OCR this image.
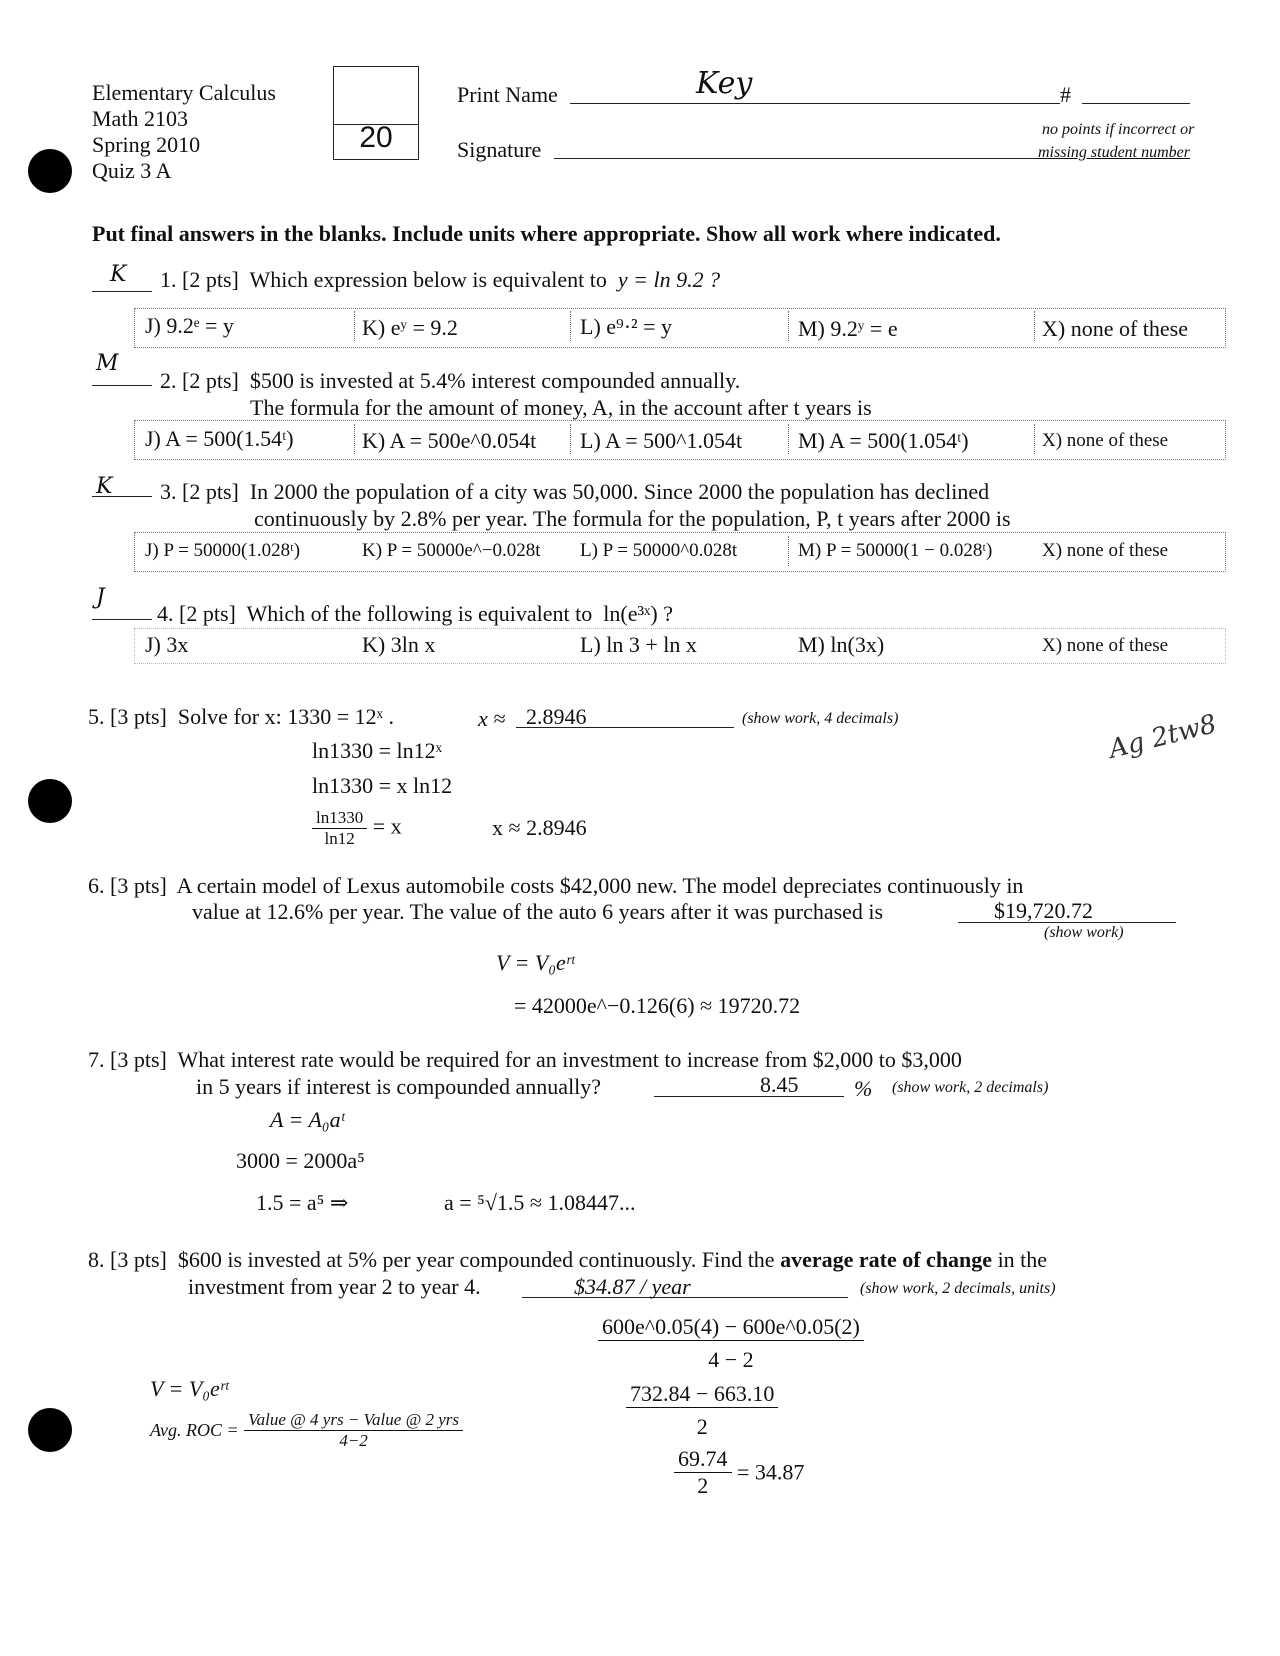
Elementary Calculus
Math 2103
Spring 2010
Quiz 3 A
20
Print Name	Key	#
Signature
no points if incorrect or
missing student number
Put final answers in the blanks. Include units where appropriate. Show all work where indicated.
K 1. [2 pts] Which expression below is equivalent to y = ln 9.2 ?
J) 9.2ᵉ = y	K) eʸ = 9.2	L) e⁹·² = y	M) 9.2ʸ = e	X) none of these
M
2. [2 pts] $500 is invested at 5.4% interest compounded annually.
The formula for the amount of money, A, in the account after t years is
J) A = 500(1.54ᵗ)	K) A = 500e^0.054t L) A = 500^1.054t	M) A = 500(1.054ᵗ)	X) none of these
K 3. [2 pts] In 2000 the population of a city was 50,000. Since 2000 the population has declined
continuously by 2.8% per year. The formula for the population, P, t years after 2000 is
J) P = 50000(1.028ᵗ)	K) P = 50000e^−0.028t L) P = 50000^0.028t	M) P = 50000(1 − 0.028ᵗ)	X) none of these
J
4. [2 pts] Which of the following is equivalent to ln(e³ˣ) ?
J) 3x	K) 3ln x	L) ln 3 + ln x	M) ln(3x)	X) none of these
5. [3 pts] Solve for x: 1330 = 12ˣ .	x ≈ 2.8946	(show work, 4 decimals)
ln1330 = ln12ˣ
ln1330 = x ln12
$\frac{\ln 1330}{\ln 12} = x$	x ≈ 2.8946
Ag 2tw8
6. [3 pts] A certain model of Lexus automobile costs $42,000 new. The model depreciates continuously in
value at 12.6% per year. The value of the auto 6 years after it was purchased is	$19,720.72
(show work)
V = V₀eʳᵗ
= 42000e^−0.126(6) ≈ 19720.72
7. [3 pts] What interest rate would be required for an investment to increase from $2,000 to $3,000
in 5 years if interest is compounded annually?	8.45	% (show work, 2 decimals)
A = A₀aᵗ
3000 = 2000a⁵
1.5 = a⁵ ⇒	a = ⁵√1.5 ≈ 1.08447...
8. [3 pts] $600 is invested at 5% per year compounded continuously. Find the average rate of change in the
investment from year 2 to year 4.	$34.87 / year	(show work, 2 decimals, units)
V = V₀eʳᵗ
Avg. ROC = $\frac{\text{Value @ 4 yrs − Value @ 2 yrs}}{4-2}$
$\frac{600e\^{}0.05(4) - 600e\^{}0.05(2)}{4 - 2}$
$\frac{732.84 - 663.10}{2}$
$\frac{69.74}{2} = 34.87$
